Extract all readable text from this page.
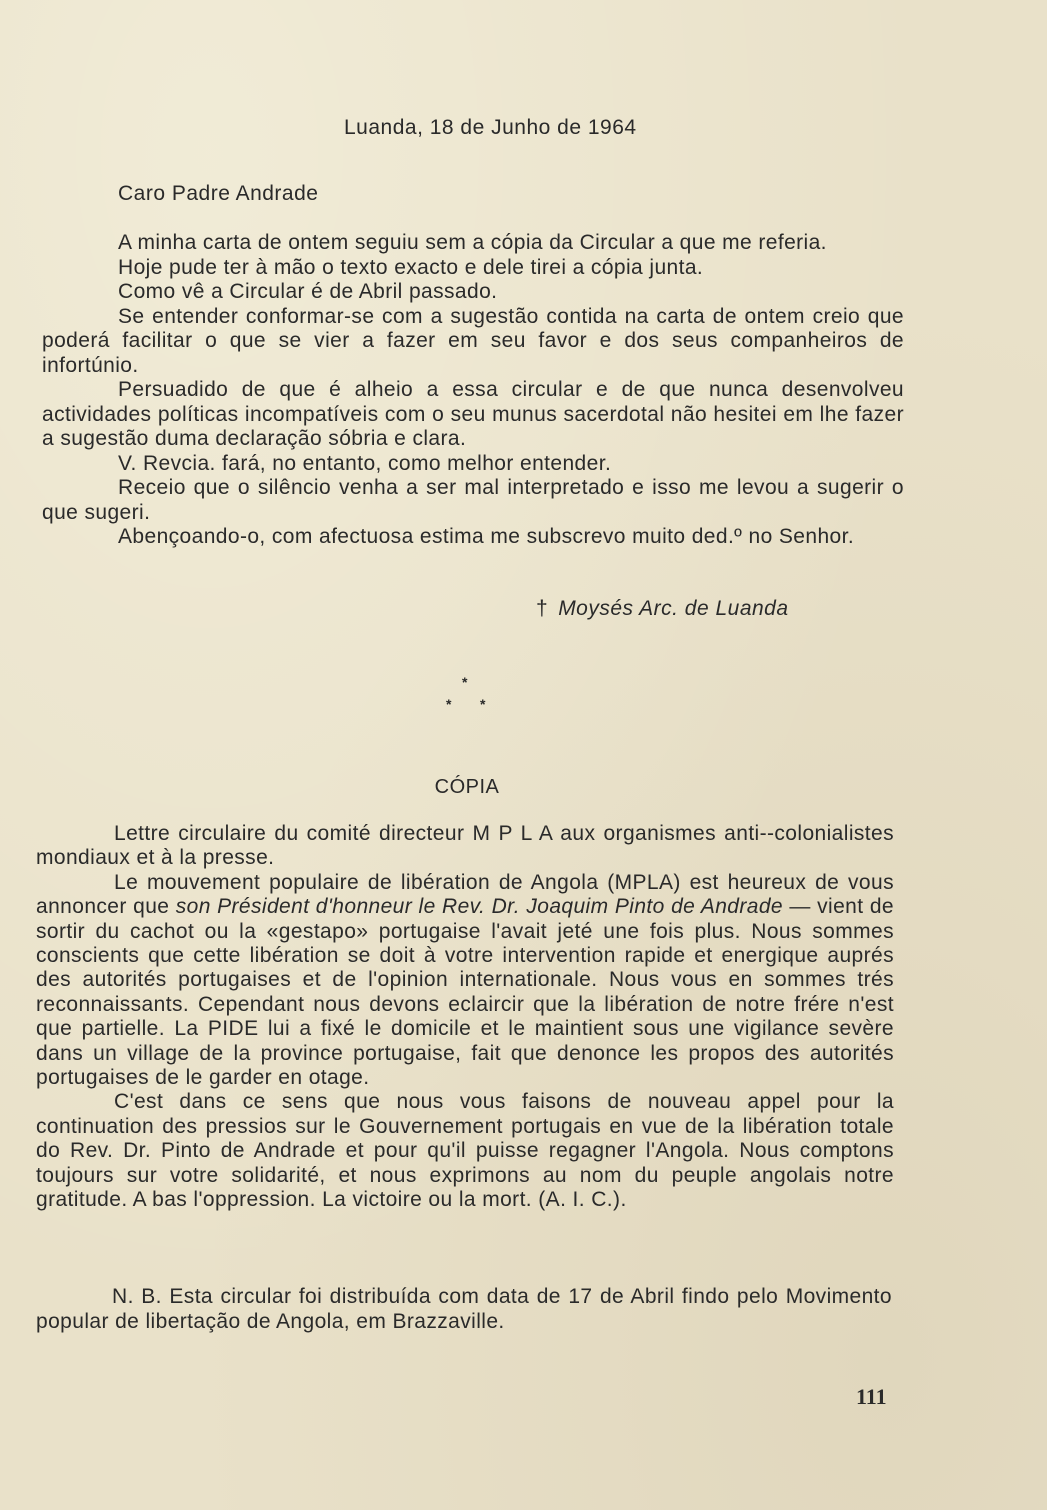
Luanda, 18 de Junho de 1964
Caro Padre Andrade

A minha carta de ontem seguiu sem a cópia da Circular a que me referia.

Hoje pude ter à mão o texto exacto e dele tirei a cópia junta.

Como vê a Circular é de Abril passado.

Se entender conformar-se com a sugestão contida na carta de ontem creio que poderá facilitar o que se vier a fazer em seu favor e dos seus companheiros de infortúnio.

Persuadido de que é alheio a essa circular e de que nunca desenvolveu actividades políticas incompatíveis com o seu munus sacerdotal não hesitei em lhe fazer a sugestão duma declaração sóbria e clara.

V. Revcia. fará, no entanto, como melhor entender.

Receio que o silêncio venha a ser mal interpretado e isso me levou a sugerir o que sugeri.

Abençoando-o, com afectuosa estima me subscrevo muito ded.º no Senhor.

† Moysés Arc. de Luanda
*
* *
CÓPIA

Lettre circulaire du comité directeur M P L A aux organismes anti--colonialistes mondiaux et à la presse.

Le mouvement populaire de libération de Angola (MPLA) est heureux de vous annoncer que son Président d'honneur le Rev. Dr. Joaquim Pinto de Andrade — vient de sortir du cachot ou la «gestapo» portugaise l'avait jeté une fois plus. Nous sommes conscients que cette libération se doit à votre intervention rapide et energique auprés des autorités portugaises et de l'opinion internationale. Nous vous en sommes trés reconnaissants. Cependant nous devons eclaircir que la libération de notre frére n'est que partielle. La PIDE lui a fixé le domicile et le maintient sous une vigilance sevère dans un village de la province portugaise, fait que denonce les propos des autorités portugaises de le garder en otage.

C'est dans ce sens que nous vous faisons de nouveau appel pour la continuation des pressios sur le Gouvernement portugais en vue de la libération totale do Rev. Dr. Pinto de Andrade et pour qu'il puisse regagner l'Angola. Nous comptons toujours sur votre solidarité, et nous exprimons au nom du peuple angolais notre gratitude. A bas l'oppression. La victoire ou la mort. (A. I. C.).

N. B. Esta circular foi distribuída com data de 17 de Abril findo pelo Movimento popular de libertação de Angola, em Brazzaville.

111
